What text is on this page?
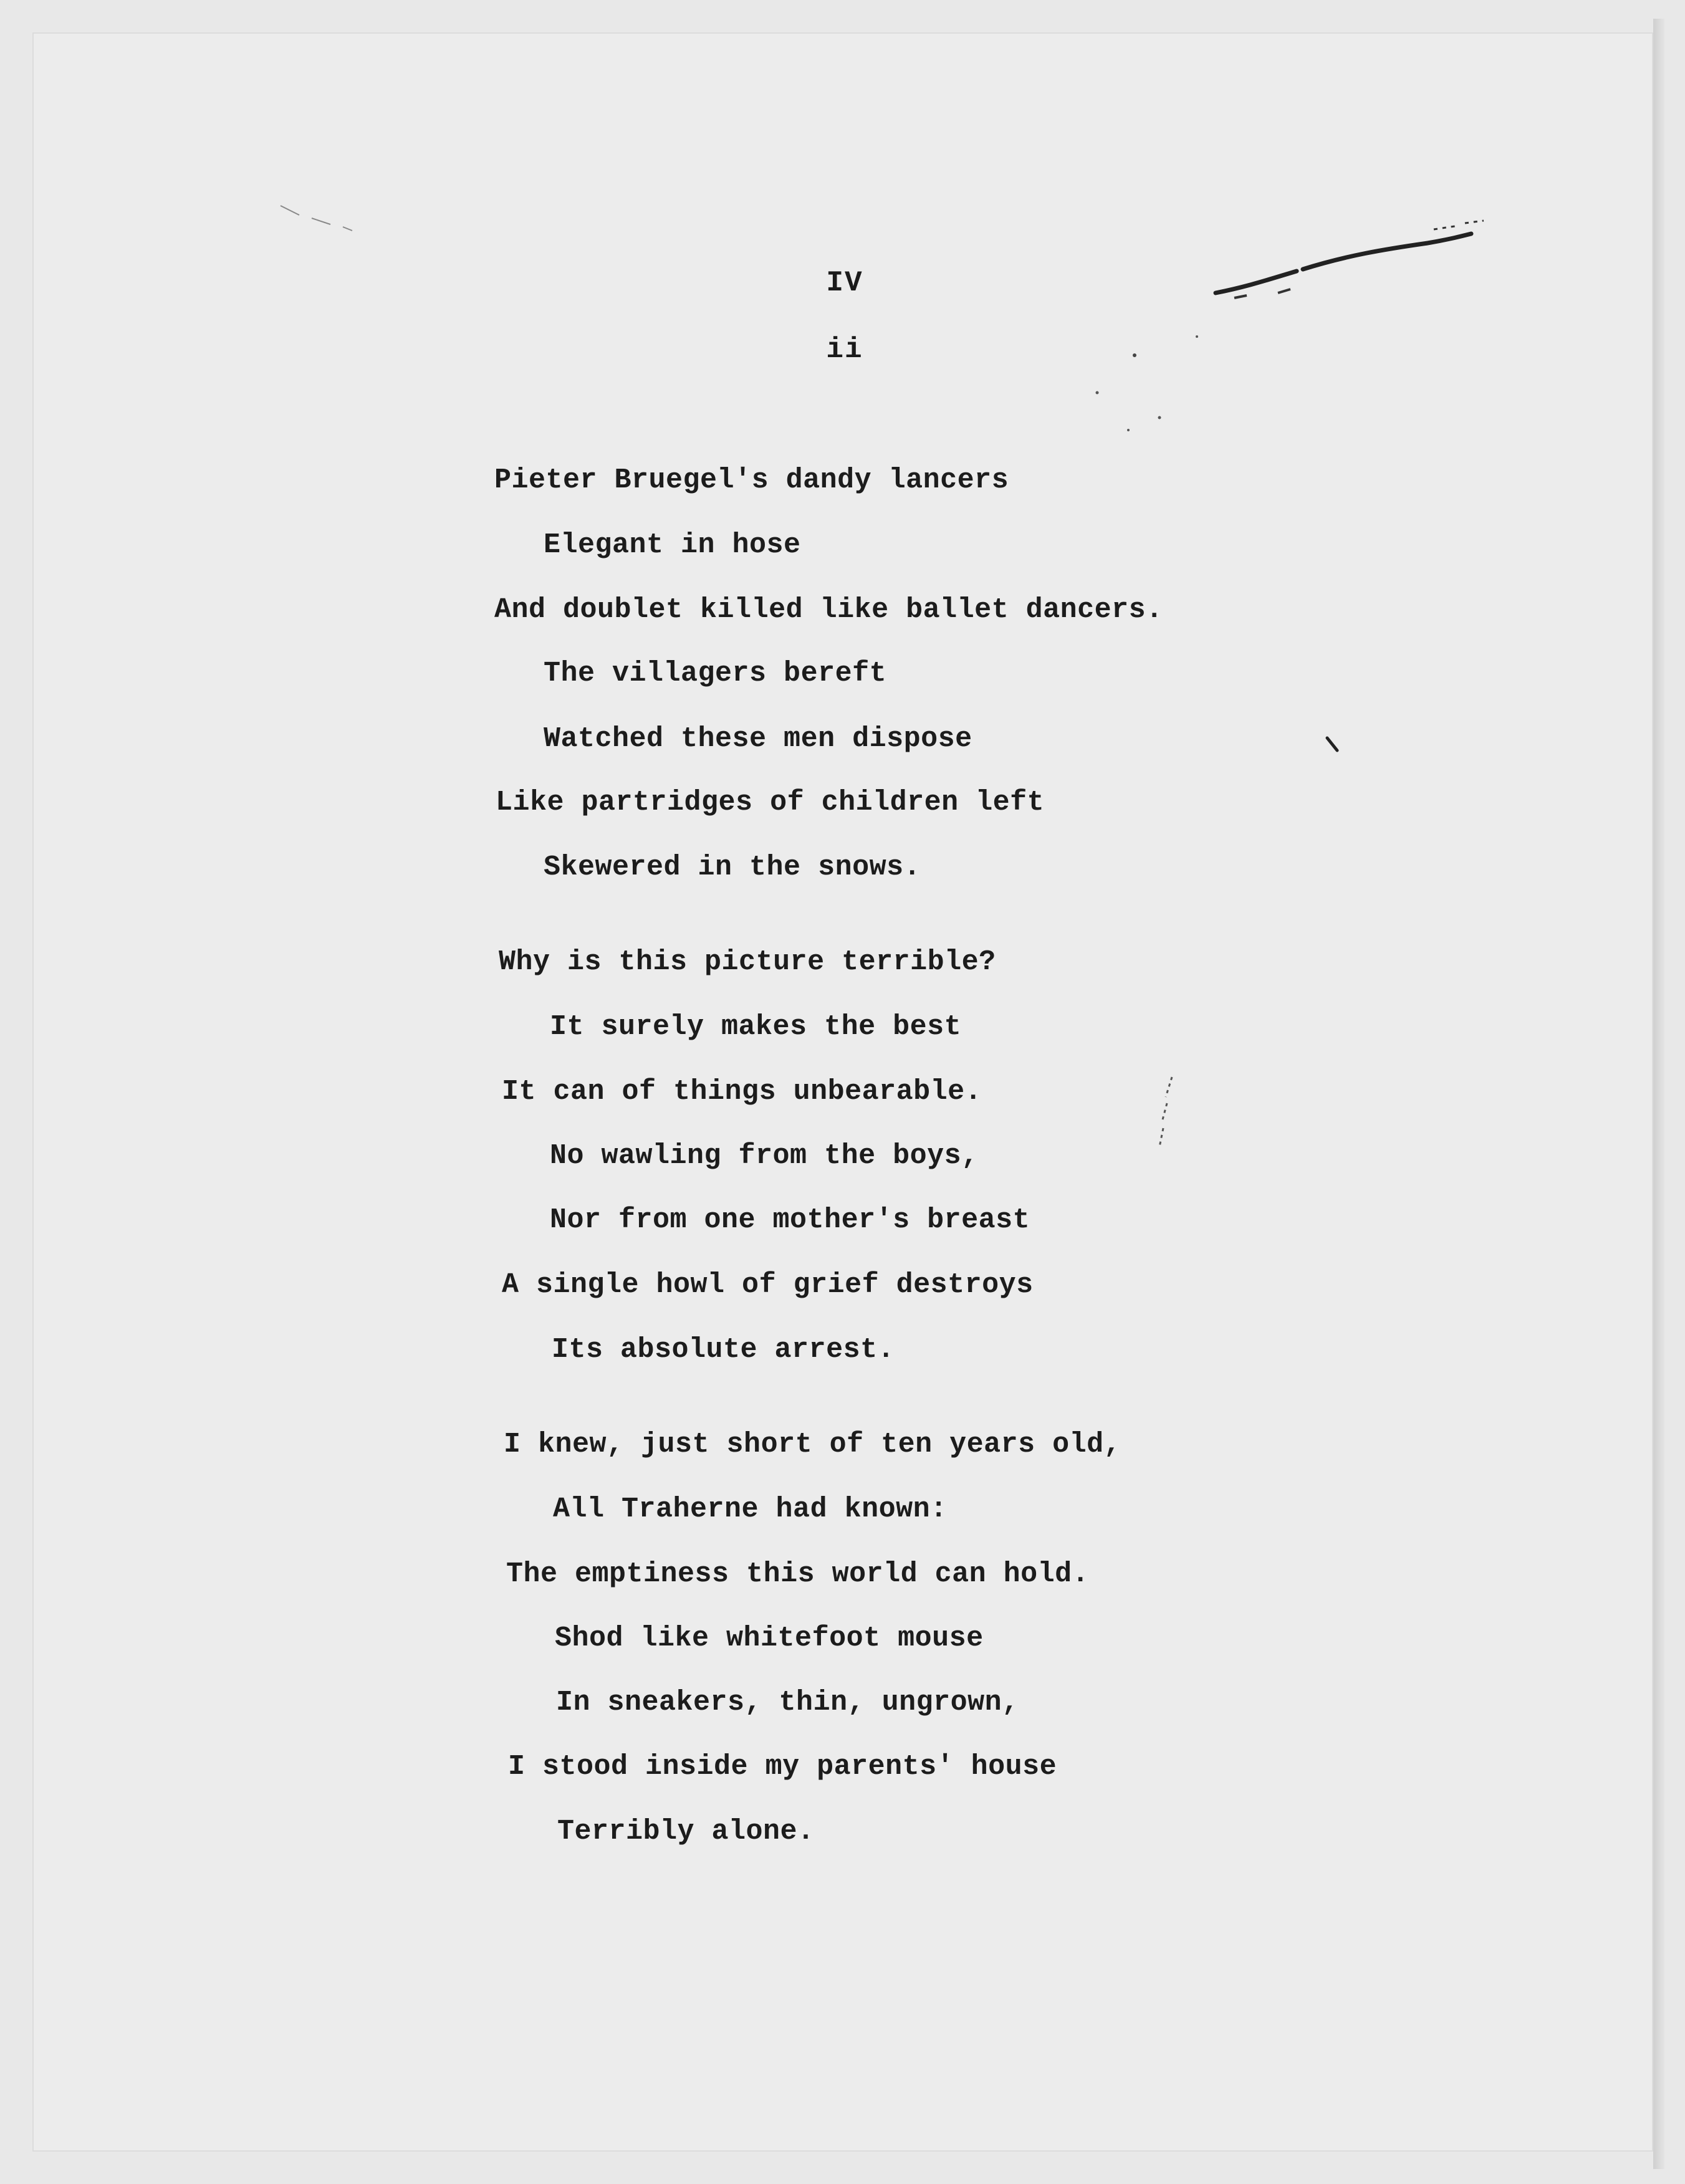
IV
ii
Pieter Bruegel's dandy lancers
Elegant in hose
And doublet killed like ballet dancers.
The villagers bereft
Watched these men dispose
Like partridges of children left
Skewered in the snows.
Why is this picture terrible?
It surely makes the best
It can of things unbearable.
No wawling from the boys,
Nor from one mother's breast
A single howl of grief destroys
Its absolute arrest.
I knew, just short of ten years old,
All Traherne had known:
The emptiness this world can hold.
Shod like whitefoot mouse
In sneakers, thin, ungrown,
I stood inside my parents' house
Terribly alone.
